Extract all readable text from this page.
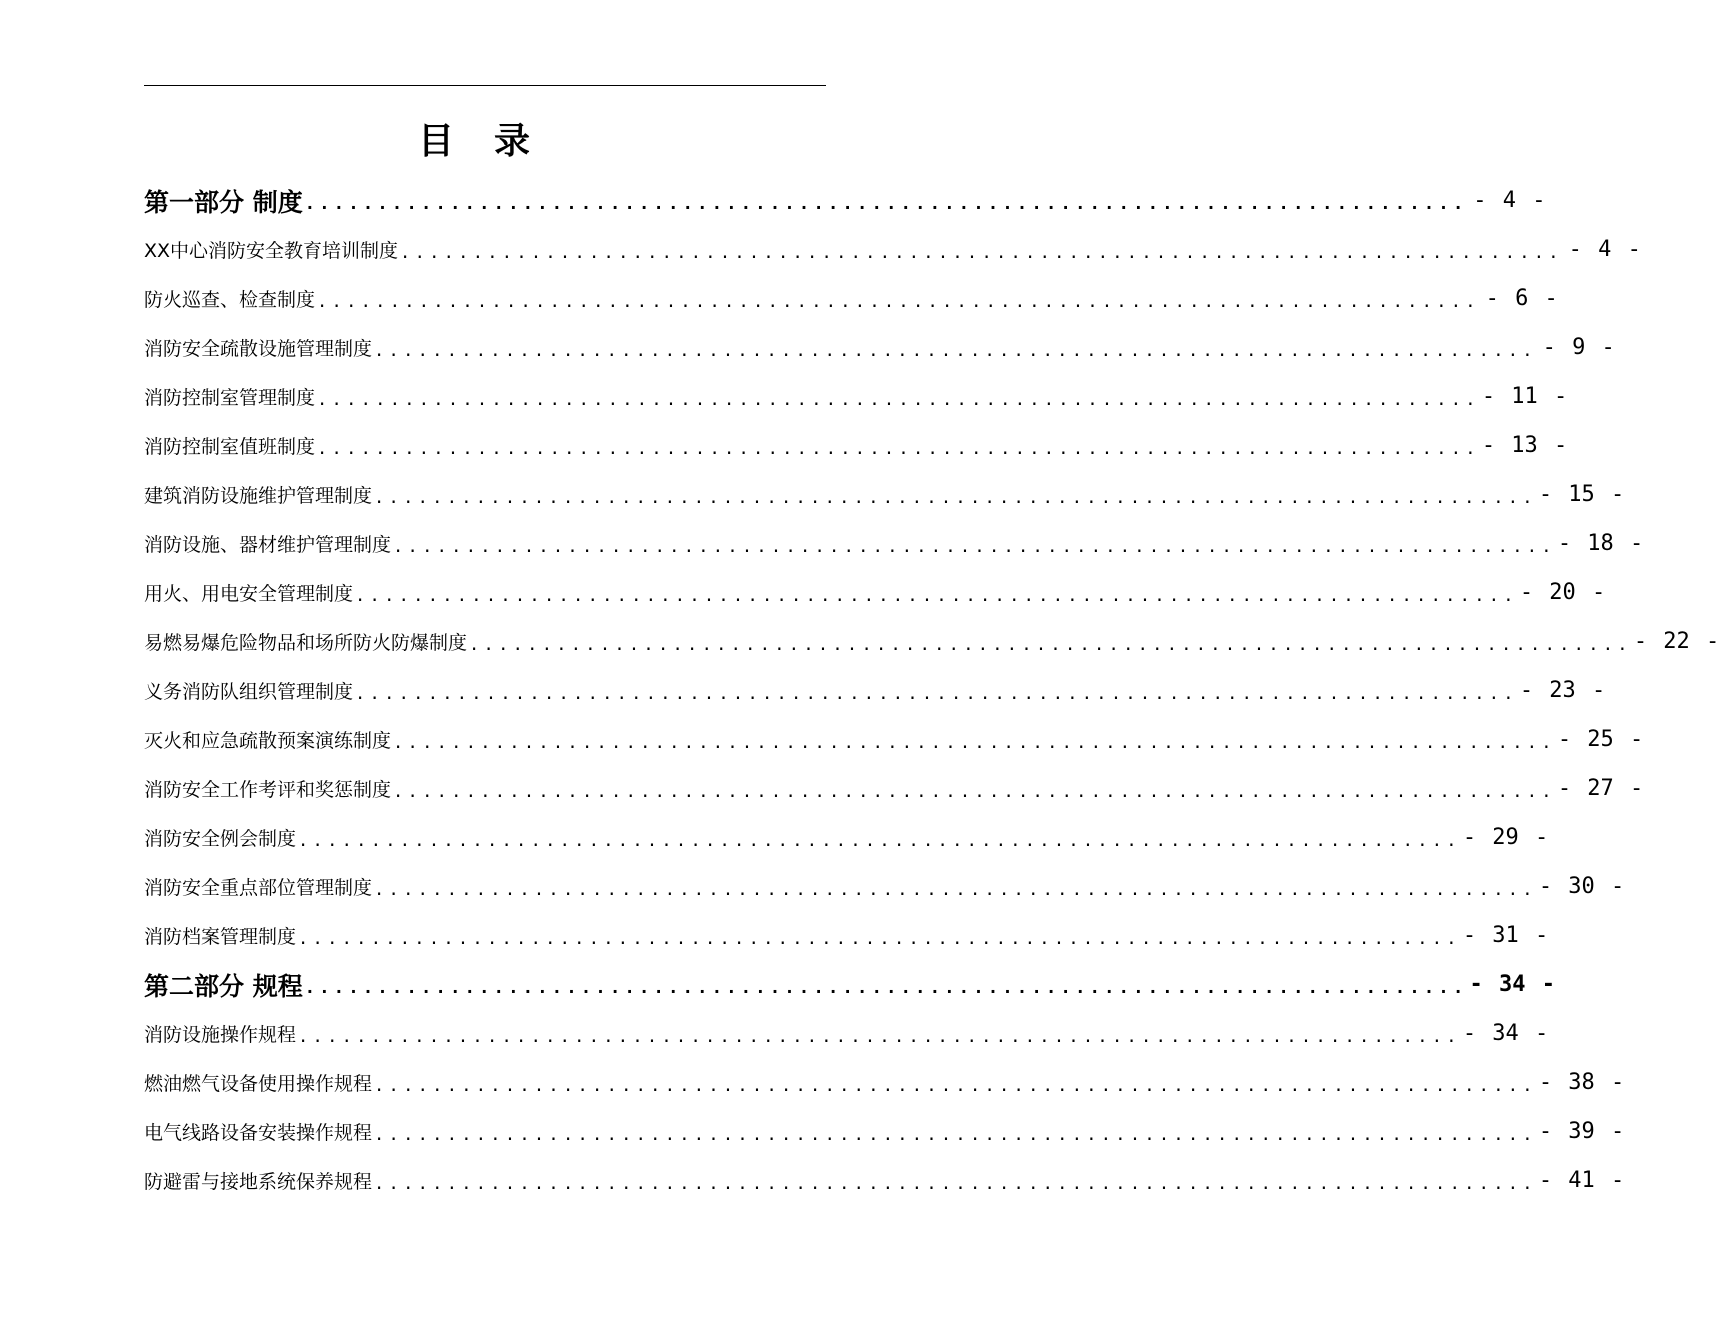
目　录
第一部分 制度 ................................................................................ - 4 -
XX中心消防安全教育培训制度 ................................................................................ - 4 -
防火巡查、检查制度 ................................................................................ - 6 -
消防安全疏散设施管理制度 ................................................................................ - 9 -
消防控制室管理制度 ................................................................................ - 11 -
消防控制室值班制度 ................................................................................ - 13 -
建筑消防设施维护管理制度 ................................................................................ - 15 -
消防设施、器材维护管理制度 ................................................................................ - 18 -
用火、用电安全管理制度 ................................................................................ - 20 -
易燃易爆危险物品和场所防火防爆制度 ................................................................................ - 22 -
义务消防队组织管理制度 ................................................................................ - 23 -
灭火和应急疏散预案演练制度 ................................................................................ - 25 -
消防安全工作考评和奖惩制度 ................................................................................ - 27 -
消防安全例会制度 ................................................................................ - 29 -
消防安全重点部位管理制度 ................................................................................ - 30 -
消防档案管理制度 ................................................................................ - 31 -
第二部分 规程 ................................................................................ - 34 -
消防设施操作规程 ................................................................................ - 34 -
燃油燃气设备使用操作规程 ................................................................................ - 38 -
电气线路设备安装操作规程 ................................................................................ - 39 -
防避雷与接地系统保养规程 ................................................................................ - 41 -
